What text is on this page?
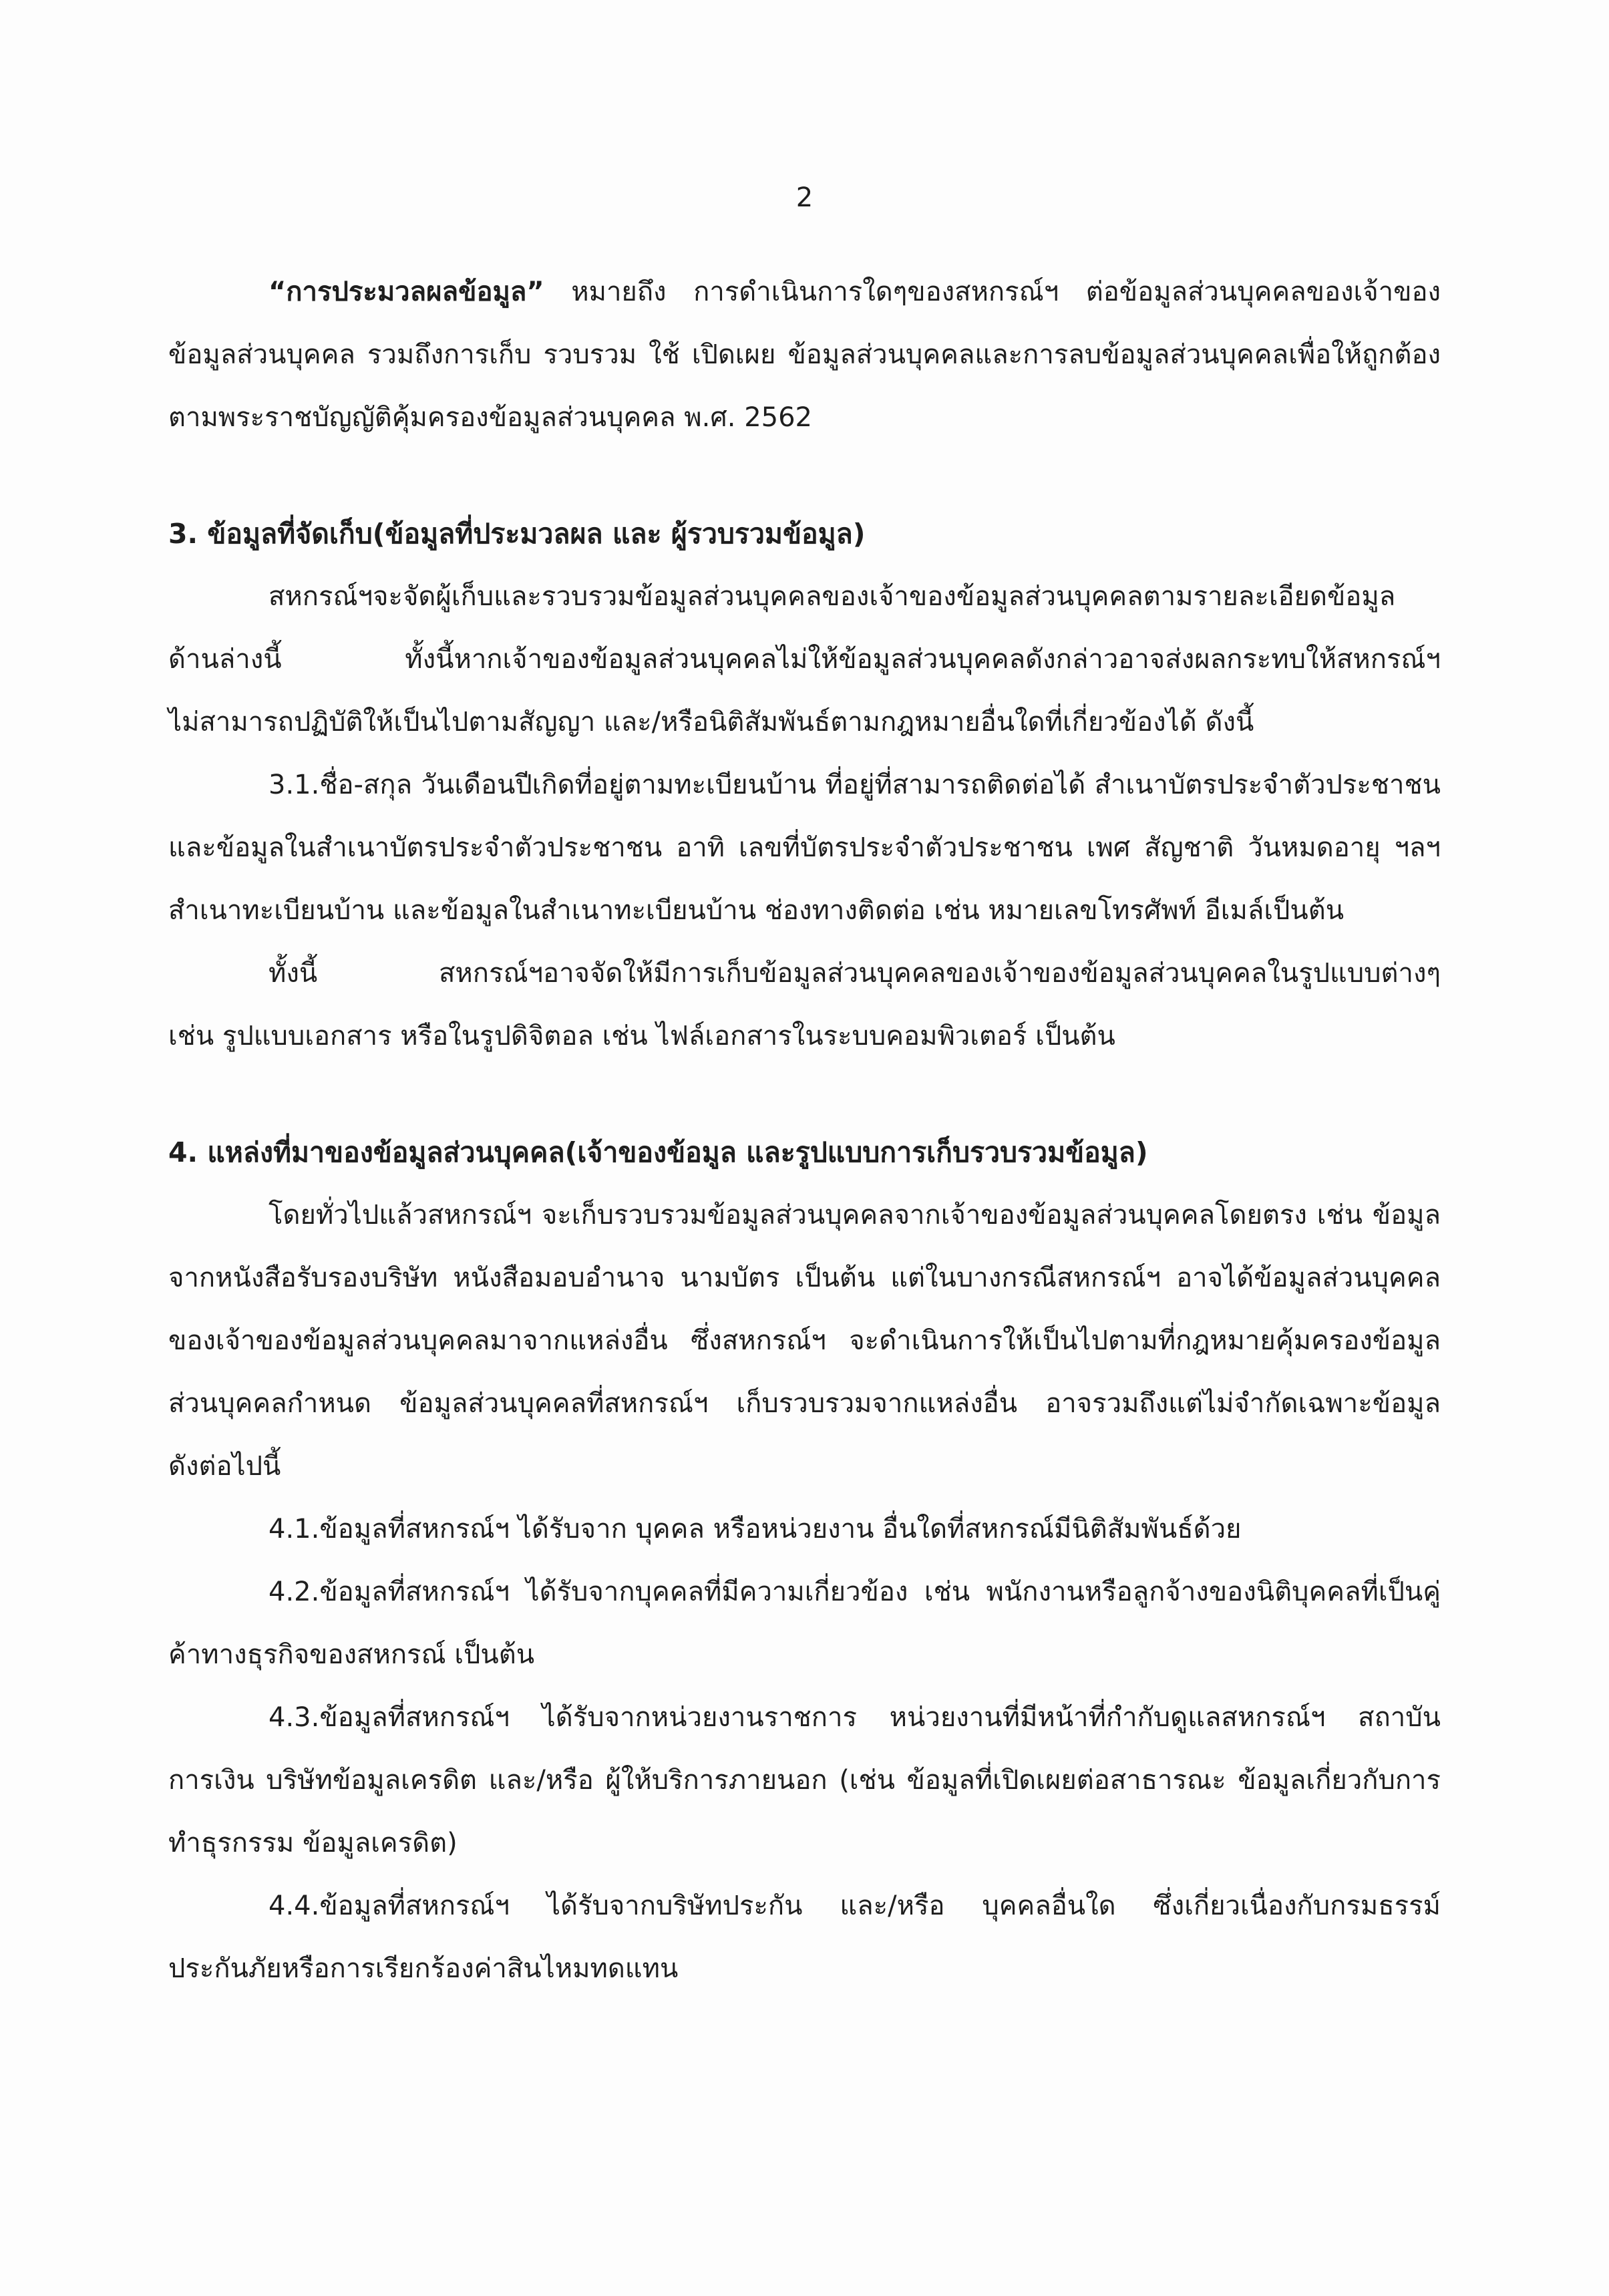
2
“การประมวลผลข้อมูล” หมายถึง การดำเนินการใดๆของสหกรณ์ฯ ต่อข้อมูลส่วนบุคคลของเจ้าของ
ข้อมูลส่วนบุคคล รวมถึงการเก็บ รวบรวม ใช้ เปิดเผย ข้อมูลส่วนบุคคลและการลบข้อมูลส่วนบุคคลเพื่อให้ถูกต้อง
ตามพระราชบัญญัติคุ้มครองข้อมูลส่วนบุคคล พ.ศ. 2562
3. ข้อมูลที่จัดเก็บ(ข้อมูลที่ประมวลผล และ ผู้รวบรวมข้อมูล)
สหกรณ์ฯจะจัดผู้เก็บและรวบรวมข้อมูลส่วนบุคคลของเจ้าของข้อมูลส่วนบุคคลตามรายละเอียดข้อมูล
ด้านล่างนี้ ทั้งนี้หากเจ้าของข้อมูลส่วนบุคคลไม่ให้ข้อมูลส่วนบุคคลดังกล่าวอาจส่งผลกระทบให้สหกรณ์ฯ
ไม่สามารถปฏิบัติให้เป็นไปตามสัญญา และ/หรือนิติสัมพันธ์ตามกฎหมายอื่นใดที่เกี่ยวข้องได้ ดังนี้
3.1.ชื่อ-สกุล วันเดือนปีเกิดที่อยู่ตามทะเบียนบ้าน ที่อยู่ที่สามารถติดต่อได้ สำเนาบัตรประจำตัวประชาชน
และข้อมูลในสำเนาบัตรประจำตัวประชาชน อาทิ เลขที่บัตรประจำตัวประชาชน เพศ สัญชาติ วันหมดอายุ ฯลฯ
สำเนาทะเบียนบ้าน และข้อมูลในสำเนาทะเบียนบ้าน ช่องทางติดต่อ เช่น หมายเลขโทรศัพท์ อีเมล์เป็นต้น
ทั้งนี้ สหกรณ์ฯอาจจัดให้มีการเก็บข้อมูลส่วนบุคคลของเจ้าของข้อมูลส่วนบุคคลในรูปแบบต่างๆ
เช่น รูปแบบเอกสาร หรือในรูปดิจิตอล เช่น ไฟล์เอกสารในระบบคอมพิวเตอร์ เป็นต้น
4. แหล่งที่มาของข้อมูลส่วนบุคคล(เจ้าของข้อมูล และรูปแบบการเก็บรวบรวมข้อมูล)
โดยทั่วไปแล้วสหกรณ์ฯ จะเก็บรวบรวมข้อมูลส่วนบุคคลจากเจ้าของข้อมูลส่วนบุคคลโดยตรง เช่น ข้อมูล
จากหนังสือรับรองบริษัท หนังสือมอบอำนาจ นามบัตร เป็นต้น แต่ในบางกรณีสหกรณ์ฯ อาจได้ข้อมูลส่วนบุคคล
ของเจ้าของข้อมูลส่วนบุคคลมาจากแหล่งอื่น ซึ่งสหกรณ์ฯ จะดำเนินการให้เป็นไปตามที่กฎหมายคุ้มครองข้อมูล
ส่วนบุคคลกำหนด ข้อมูลส่วนบุคคลที่สหกรณ์ฯ เก็บรวบรวมจากแหล่งอื่น อาจรวมถึงแต่ไม่จำกัดเฉพาะข้อมูล
ดังต่อไปนี้
4.1.ข้อมูลที่สหกรณ์ฯ ได้รับจาก บุคคล หรือหน่วยงาน อื่นใดที่สหกรณ์มีนิติสัมพันธ์ด้วย
4.2.ข้อมูลที่สหกรณ์ฯ ได้รับจากบุคคลที่มีความเกี่ยวข้อง เช่น พนักงานหรือลูกจ้างของนิติบุคคลที่เป็นคู่
ค้าทางธุรกิจของสหกรณ์ เป็นต้น
4.3.ข้อมูลที่สหกรณ์ฯ ได้รับจากหน่วยงานราชการ หน่วยงานที่มีหน้าที่กำกับดูแลสหกรณ์ฯ สถาบัน
การเงิน บริษัทข้อมูลเครดิต และ/หรือ ผู้ให้บริการภายนอก (เช่น ข้อมูลที่เปิดเผยต่อสาธารณะ ข้อมูลเกี่ยวกับการ
ทำธุรกรรม ข้อมูลเครดิต)
4.4.ข้อมูลที่สหกรณ์ฯ ได้รับจากบริษัทประกัน และ/หรือ บุคคลอื่นใด ซึ่งเกี่ยวเนื่องกับกรมธรรม์
ประกันภัยหรือการเรียกร้องค่าสินไหมทดแทน
